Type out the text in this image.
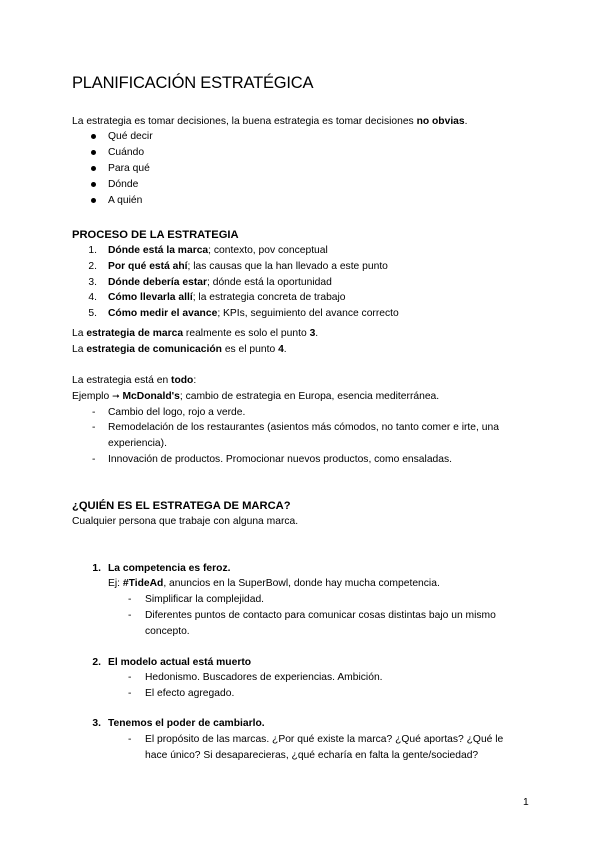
PLANIFICACIÓN ESTRATÉGICA
La estrategia es tomar decisiones, la buena estrategia es tomar decisiones no obvias.
Qué decir
Cuándo
Para qué
Dónde
A quién
PROCESO DE LA ESTRATEGIA
1. Dónde está la marca; contexto, pov conceptual
2. Por qué está ahí; las causas que la han llevado a este punto
3. Dónde debería estar; dónde está la oportunidad
4. Cómo llevarla allí; la estrategia concreta de trabajo
5. Cómo medir el avance; KPIs, seguimiento del avance correcto
La estrategia de marca realmente es solo el punto 3.
La estrategia de comunicación es el punto 4.
La estrategia está en todo:
Ejemplo ➞ McDonald's; cambio de estrategia en Europa, esencia mediterránea.
- Cambio del logo, rojo a verde.
- Remodelación de los restaurantes (asientos más cómodos, no tanto comer e irte, una
experiencia).
- Innovación de productos. Promocionar nuevos productos, como ensaladas.
¿QUIÉN ES EL ESTRATEGA DE MARCA?
Cualquier persona que trabaje con alguna marca.
1. La competencia es feroz.
Ej: #TideAd, anuncios en la SuperBowl, donde hay mucha competencia.
- Simplificar la complejidad.
- Diferentes puntos de contacto para comunicar cosas distintas bajo un mismo
concepto.
2. El modelo actual está muerto
- Hedonismo. Buscadores de experiencias. Ambición.
- El efecto agregado.
3. Tenemos el poder de cambiarlo.
- El propósito de las marcas. ¿Por qué existe la marca? ¿Qué aportas? ¿Qué le
hace único? Si desaparecieras, ¿qué echaría en falta la gente/sociedad?
1
